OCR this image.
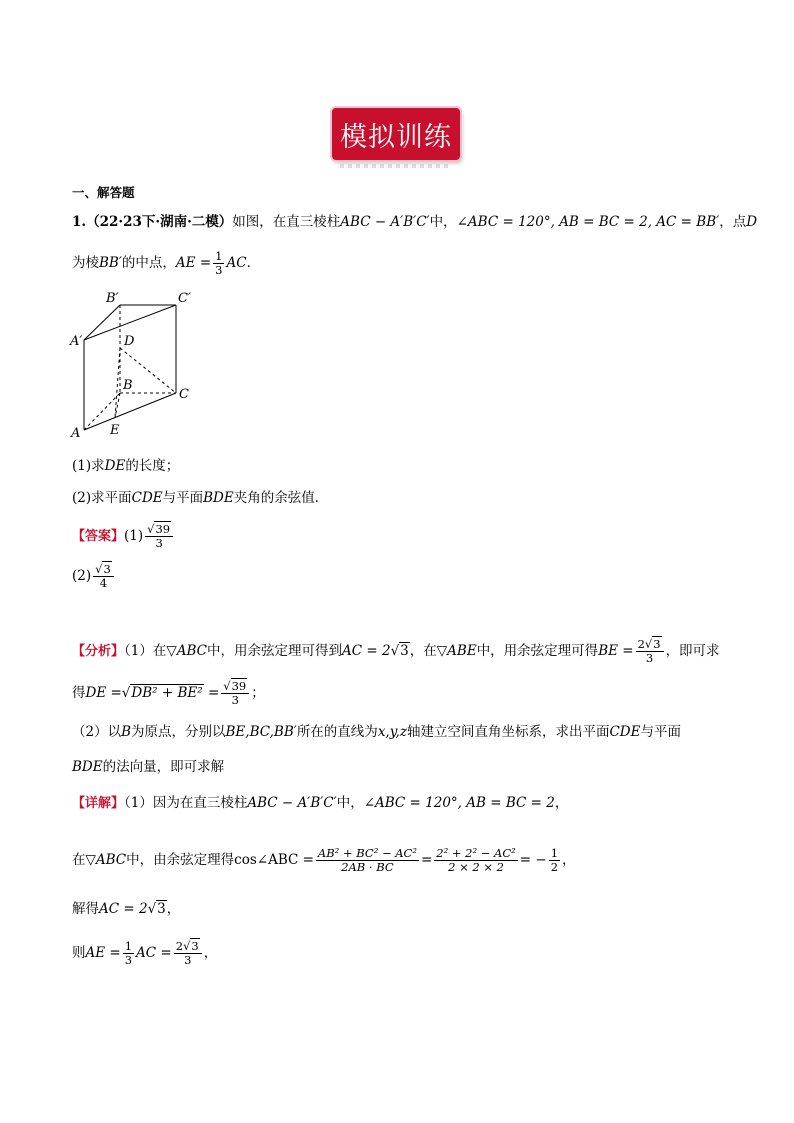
模拟训练
一、解答题
1.（22·23下·湖南·二模）如图，在直三棱柱ABC − A′B′C′中，∠ABC = 120°, AB = BC = 2, AC = BB′，点D
为棱BB′的中点，AE = $\frac{1}{3}$ AC．
A′
B′	C′
D
B
C
A E
(1)求DE的长度；
(2)求平面CDE与平面BDE夹角的余弦值．
【答案】$(1) \frac{√39}{3}$
$(2) \frac{√3}{4}$
【分析】（1）在▽ABC中，用余弦定理可得到AC = 2√3，在▽ABE中，用余弦定理可得BE = $\frac{2√3}{3}$ ，即可求
得DE $=√DB^2 + BE^2 = \frac{√39}{3}$ ；
（2）以B为原点，分别以BE,BC,BB′所在的直线为x,y,z轴建立空间直角坐标系，求出平面CDE与平面
BDE的法向量，即可求解
【详解】（1）因为在直三棱柱ABC − A′B′C′中，∠ABC = 120°, AB = BC = 2，
在▽ABC中，由余弦定理得cos∠ABC = $\frac{\text{AB² + BC² − AC²}}{2AB \cdot BC} = \frac{\text{2² + 2² − AC²}}{2 \times 2 \times 2}$ = − $\frac{1}{2}$ ，
解得AC = 2√3，
则AE = $\frac{1}{3}$ AC = $\frac{2√3}{3}$ ，
